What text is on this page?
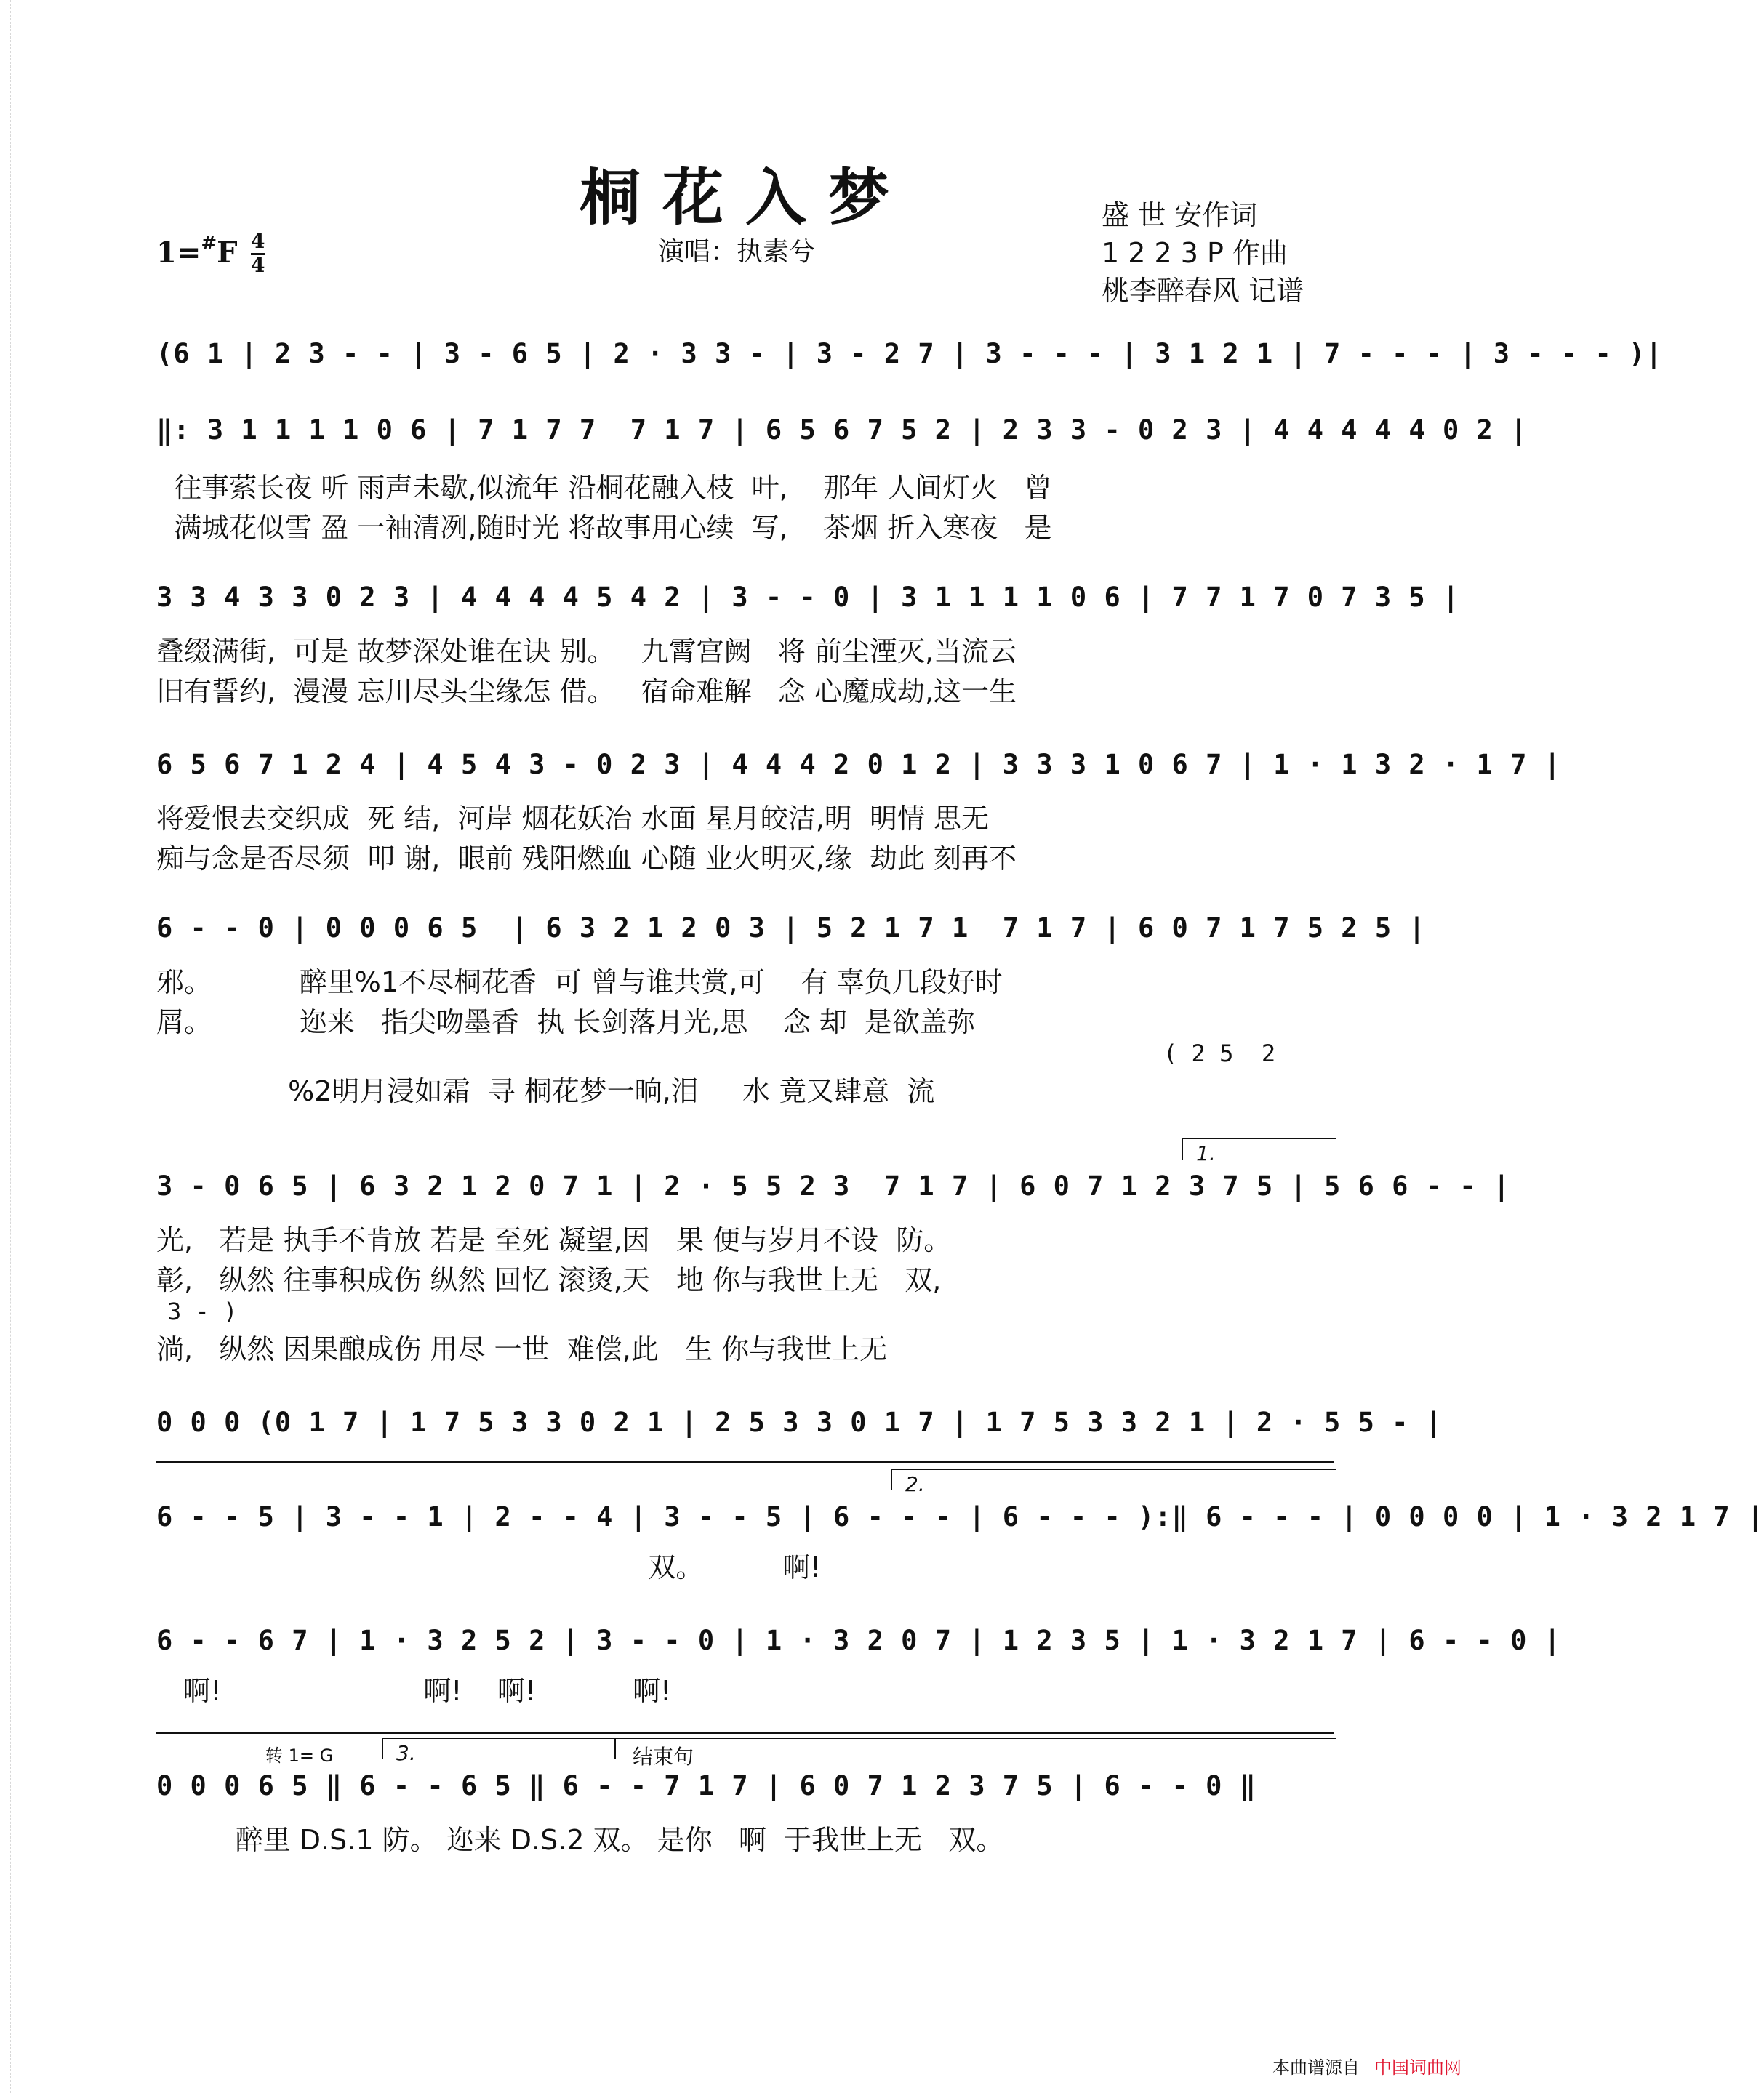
桐花入梦
1=#F 4
4	演唱：执素兮
盛 世 安作词
1 2 2 3 P 作曲
桃李醉春风 记谱
(6 1 | 2 3 - - | 3 - 6 5 | 2 · 3 3 - | 3 - 2 7 | 3 - - - | 3 1 2 1 | 7 - - - | 3 - - - )|
‖: 3 1 1 1 1 0 6 | 7 1 7 7  7 1 7 | 6 5 6 7 5 2 | 2 3 3 - 0 2 3 | 4 4 4 4 4 0 2 |
往事萦长夜 听 雨声未歇,似流年 沿桐花融入枝  叶,    那年 人间灯火   曾
满城花似雪 盈 一袖清冽,随时光 将故事用心续  写,    茶烟 折入寒夜   是
3 3 4 3 3 0 2 3 | 4 4 4 4 5 4 2 | 3 - - 0 | 3 1 1 1 1 0 6 | 7 7 1 7 0 7 3 5 |
叠缀满街,  可是 故梦深处谁在诀 别。   九霄宫阙   将 前尘湮灭,当流云
旧有誓约,  漫漫 忘川尽头尘缘怎 借。   宿命难解   念 心魔成劫,这一生
6 5 6 7 1 2 4 | 4 5 4 3 - 0 2 3 | 4 4 4 2 0 1 2 | 3 3 3 1 0 6 7 | 1 · 1 3 2 · 1 7 |
将爱恨去交织成  死 结,  河岸 烟花妖冶 水面 星月皎洁,明  明情 思无
痴与念是否尽须  叩 谢,  眼前 残阳燃血 心随 业火明灭,缘  劫此 刻再不
6 - - 0 | 0 0 0 6 5  | 6 3 2 1 2 0 3 | 5 2 1 7 1  7 1 7 | 6 0 7 1 7 5 2 5 |
邪。          醉里%1不尽桐花香  可 曾与谁共赏,可    有 辜负几段好时
屑。          迩来   指尖吻墨香  执 长剑落月光,思    念 却  是欲盖弥
( 2 5  2
%2明月浸如霜  寻 桐花梦一晌,泪     水 竟又肆意  流
1.
3 - 0 6 5 | 6 3 2 1 2 0 7 1 | 2 · 5 5 2 3  7 1 7 | 6 0 7 1 2 3 7 5 | 5 6 6 - - |
光,   若是 执手不肯放 若是 至死 凝望,因   果 便与岁月不设  防。
彰,   纵然 往事积成伤 纵然 回忆 滚烫,天   地 你与我世上无   双,
3 - )
淌,   纵然 因果酿成伤 用尽 一世  难偿,此   生 你与我世上无
0 0 0 (0 1 7 | 1 7 5 3 3 0 2 1 | 2 5 3 3 0 1 7 | 1 7 5 3 3 2 1 | 2 · 5 5 - |
2.
6 - - 5 | 3 - - 1 | 2 - - 4 | 3 - - 5 | 6 - - - | 6 - - - ):‖ 6 - - - | 0 0 0 0 | 1 · 3 2 1 7 |
双。         啊!
6 - - 6 7 | 1 · 3 2 5 2 | 3 - - 0 | 1 · 3 2 0 7 | 1 2 3 5 | 1 · 3 2 1 7 | 6 - - 0 |
啊!                       啊!    啊!           啊!
转 1= G	3.	结束句
0 0 0 6 5 ‖ 6 - - 6 5 ‖ 6 - - 7 1 7 | 6 0 7 1 2 3 7 5 | 6 - - 0 ‖
醉里 D.S.1 防。 迩来 D.S.2 双。 是你   啊  于我世上无   双。
本曲谱源自 中国词曲网
